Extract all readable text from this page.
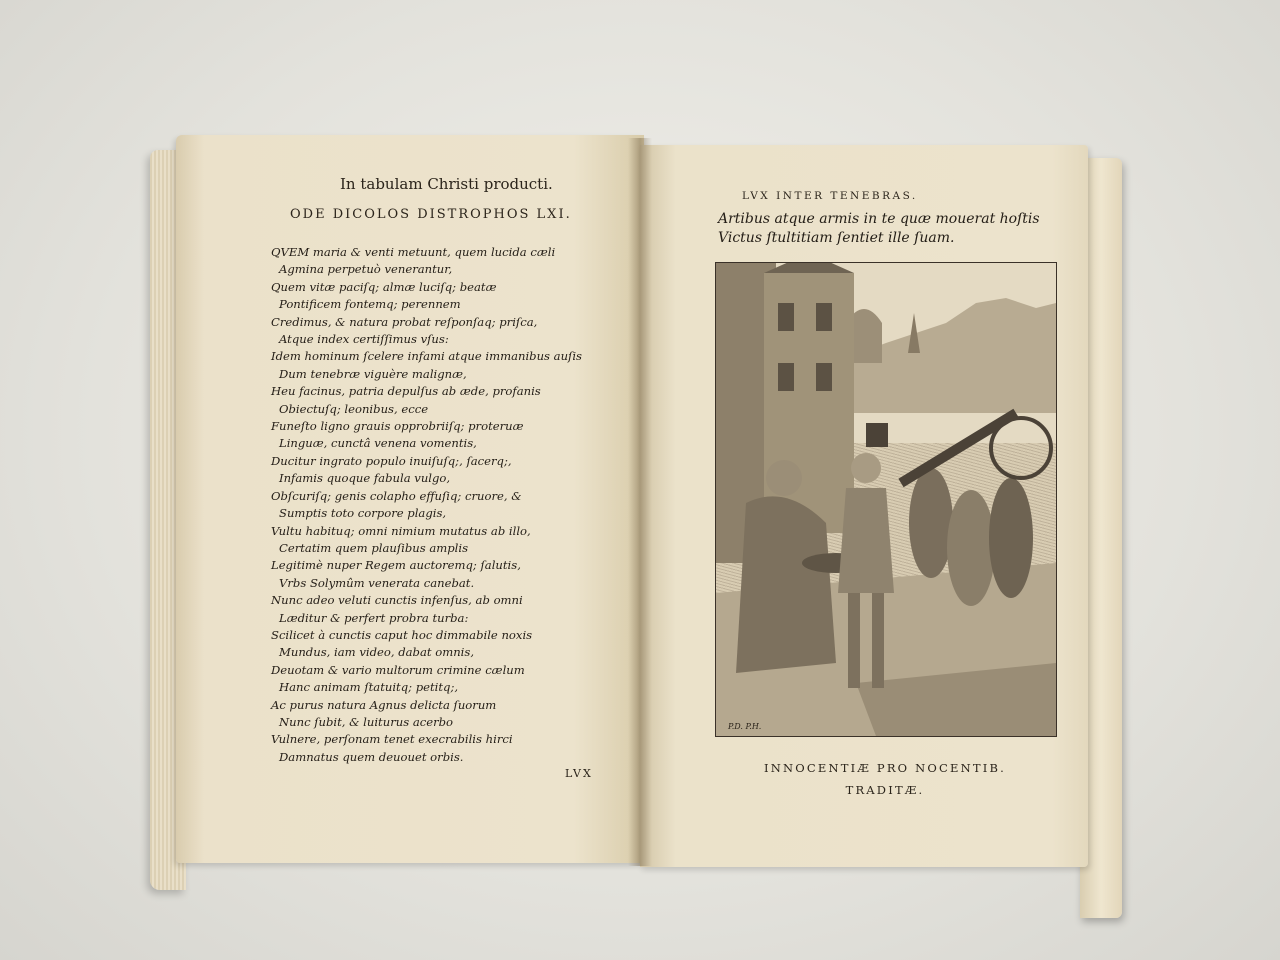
In tabulam Christi producti.
ODE DICOLOS DISTROPHOS LXI.
QVEM maria & venti metuunt, quem lucida cæli
Agmina perpetuò venerantur,
Quem vitæ paciſq; almæ luciſq; beatæ
Pontificem fontemq; perennem
Credimus, & natura probat reſponſaq; priſca,
Atque index certiſſimus vſus:
Idem hominum ſcelere infami atque immanibus auſis
Dum tenebræ viguère malignæ,
Heu facinus, patria depulſus ab æde, profanis
Obiectuſq; leonibus, ecce
Funeſto ligno grauis opprobriiſq; proteruæ
Linguæ, cunctâ venena vomentis,
Ducitur ingrato populo inuiſuſq;, ſacerq;,
Infamis quoque fabula vulgo,
Obſcuriſq; genis colapho effuſiq; cruore, &
Sumptis toto corpore plagis,
Vultu habituq; omni nimium mutatus ab illo,
Certatim quem plauſibus amplis
Legitimè nuper Regem auctoremq; ſalutis,
Vrbs Solymûm venerata canebat.
Nunc adeo veluti cunctis infenſus, ab omni
Læditur & perfert probra turba:
Scilicet à cunctis caput hoc dimmabile noxis
Mundus, iam video, dabat omnis,
Deuotam & vario multorum crimine cælum
Hanc animam ſtatuitq; petitq;,
Ac purus natura Agnus delicta ſuorum
Nunc ſubit, & luiturus acerbo
Vulnere, perſonam tenet execrabilis hirci
Damnatus quem deuouet orbis.
LVX
LVX INTER TENEBRAS.
Artibus atque armis in te quæ mouerat hoſtis
Victus ſtultitiam ſentiet ille ſuam.
P.D. P.H.
INNOCENTIÆ PRO NOCENTIB.
TRADITÆ.
